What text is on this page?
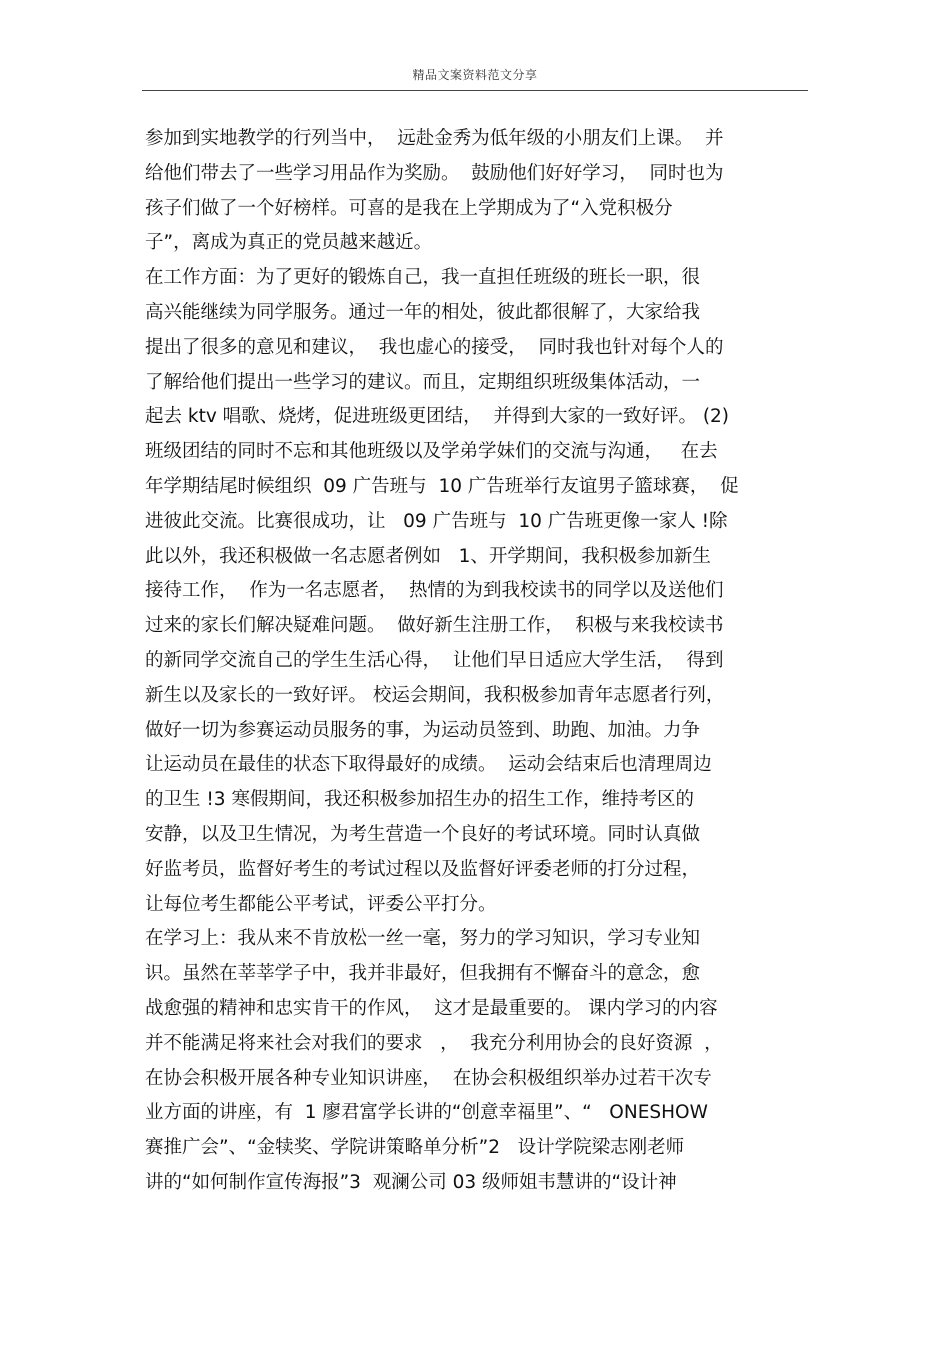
精品文案资料范文分享
参加到实地教学的行列当中，  远赴金秀为低年级的小朋友们上课。  并
给他们带去了一些学习用品作为奖励。  鼓励他们好好学习，  同时也为
孩子们做了一个好榜样。可喜的是我在上学期成为了“入党积极分
子”，离成为真正的党员越来越近。
在工作方面：为了更好的锻炼自己，我一直担任班级的班长一职，很
高兴能继续为同学服务。通过一年的相处，彼此都很解了，大家给我
提出了很多的意见和建议，  我也虚心的接受，  同时我也针对每个人的
了解给他们提出一些学习的建议。而且，定期组织班级集体活动，一
起去 ktv 唱歌、烧烤，促进班级更团结，  并得到大家的一致好评。 (2)
班级团结的同时不忘和其他班级以及学弟学妹们的交流与沟通，   在去
年学期结尾时候组织  09 广告班与  10 广告班举行友谊男子篮球赛，  促
进彼此交流。比赛很成功，让   09 广告班与  10 广告班更像一家人 !除
此以外，我还积极做一名志愿者例如   1、开学期间，我积极参加新生
接待工作，  作为一名志愿者，  热情的为到我校读书的同学以及送他们
过来的家长们解决疑难问题。  做好新生注册工作，  积极与来我校读书
的新同学交流自己的学生生活心得，  让他们早日适应大学生活，  得到
新生以及家长的一致好评。 校运会期间，我积极参加青年志愿者行列，
做好一切为参赛运动员服务的事，为运动员签到、助跑、加油。力争
让运动员在最佳的状态下取得最好的成绩。  运动会结束后也清理周边
的卫生 !3 寒假期间，我还积极参加招生办的招生工作，维持考区的
安静，以及卫生情况，为考生营造一个良好的考试环境。同时认真做
好监考员，监督好考生的考试过程以及监督好评委老师的打分过程，
让每位考生都能公平考试，评委公平打分。
在学习上：我从来不肯放松一丝一毫，努力的学习知识，学习专业知
识。虽然在莘莘学子中，我并非最好，但我拥有不懈奋斗的意念，愈
战愈强的精神和忠实肯干的作风，  这才是最重要的。 课内学习的内容
并不能满足将来社会对我们的要求   ，  我充分利用协会的良好资源  ，
在协会积极开展各种专业知识讲座，  在协会积极组织举办过若干次专
业方面的讲座，有  1 廖君富学长讲的“创意幸福里”、“   ONESHOW
赛推广会”、“金犊奖、学院讲策略单分析”2   设计学院梁志刚老师
讲的“如何制作宣传海报”3  观澜公司 03 级师姐韦慧讲的“设计神
